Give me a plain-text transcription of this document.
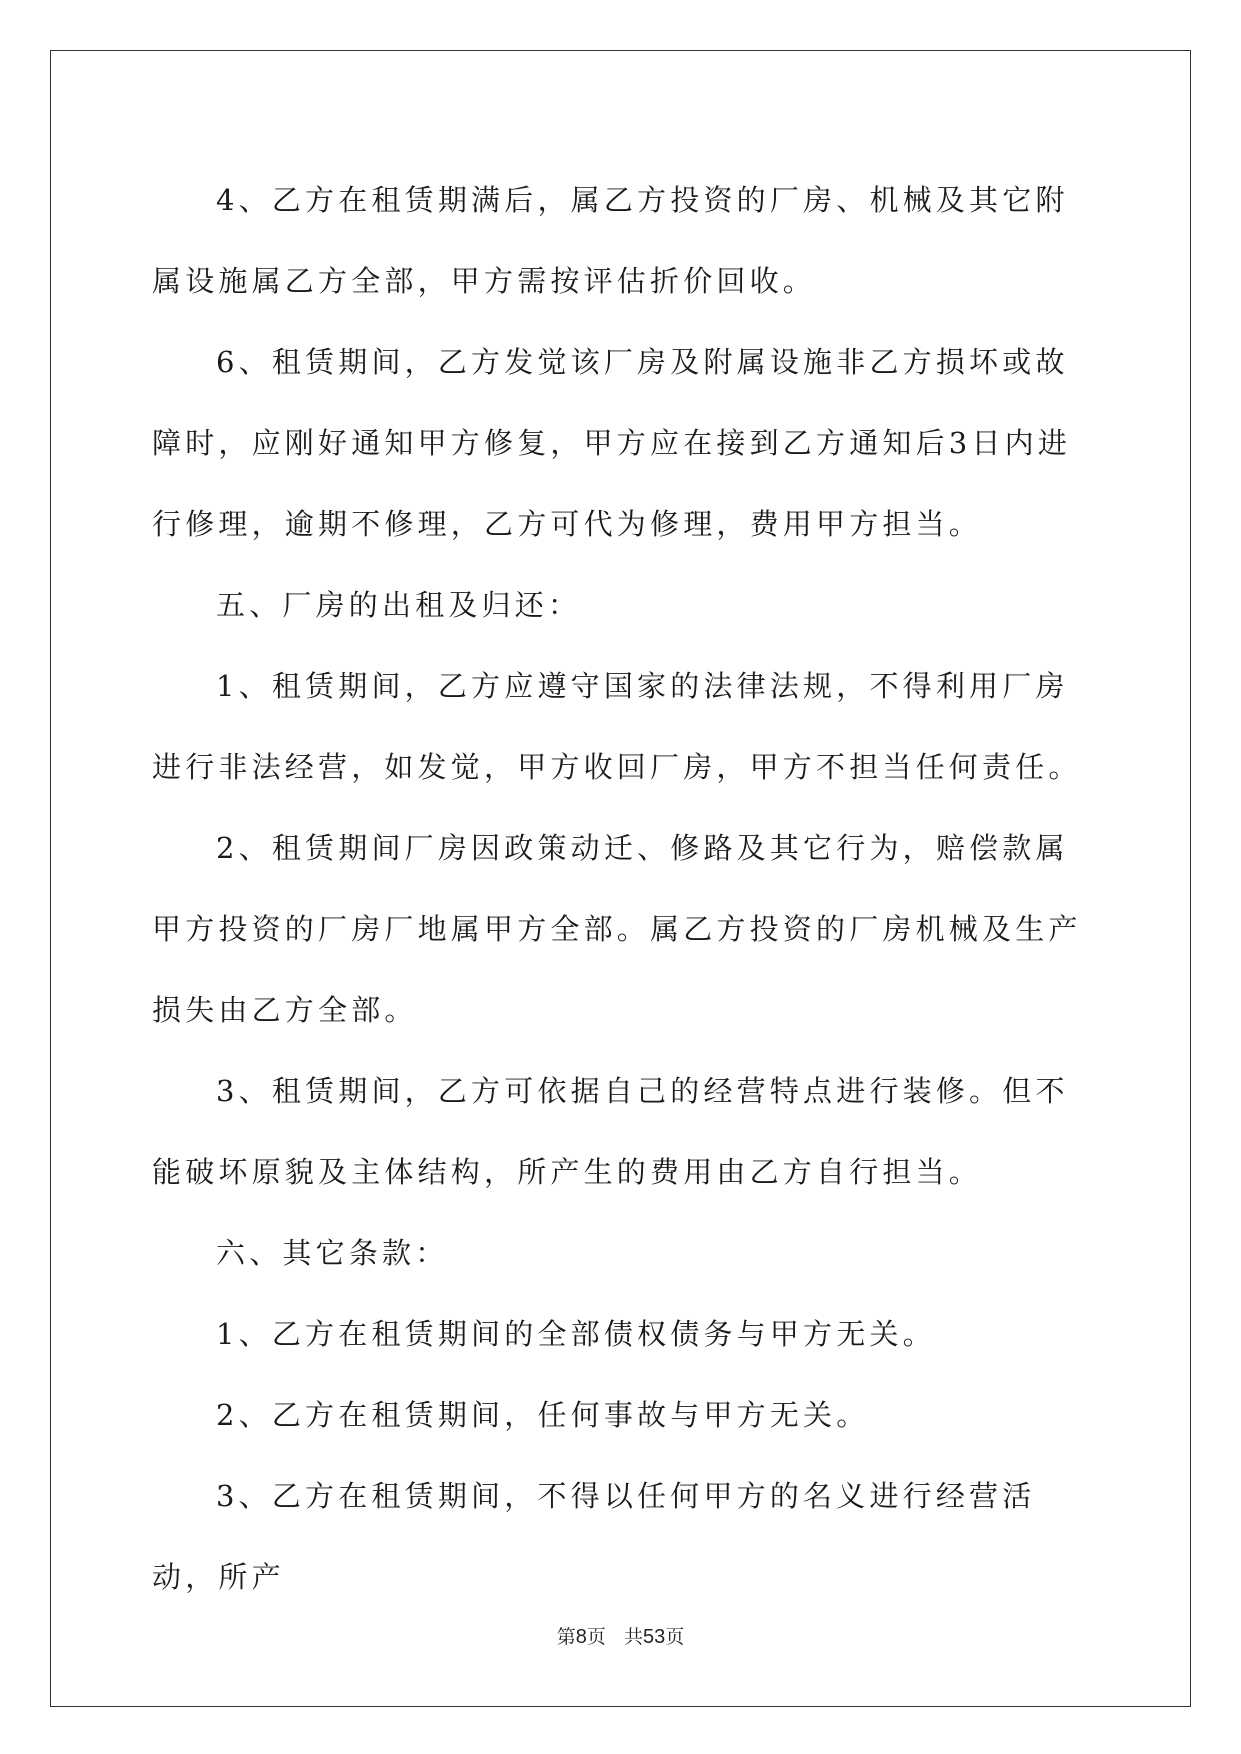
4、乙方在租赁期满后，属乙方投资的厂房、机械及其它附属设施属乙方全部，甲方需按评估折价回收。

6、租赁期间，乙方发觉该厂房及附属设施非乙方损坏或故障时，应刚好通知甲方修复，甲方应在接到乙方通知后3日内进行修理，逾期不修理，乙方可代为修理，费用甲方担当。

五、厂房的出租及归还：

1、租赁期间，乙方应遵守国家的法律法规，不得利用厂房进行非法经营，如发觉，甲方收回厂房，甲方不担当任何责任。

2、租赁期间厂房因政策动迁、修路及其它行为，赔偿款属甲方投资的厂房厂地属甲方全部。属乙方投资的厂房机械及生产损失由乙方全部。

3、租赁期间，乙方可依据自己的经营特点进行装修。但不能破坏原貌及主体结构，所产生的费用由乙方自行担当。

六、其它条款：

1、乙方在租赁期间的全部债权债务与甲方无关。

2、乙方在租赁期间，任何事故与甲方无关。

3、乙方在租赁期间，不得以任何甲方的名义进行经营活动，所产

第8页 共53页
